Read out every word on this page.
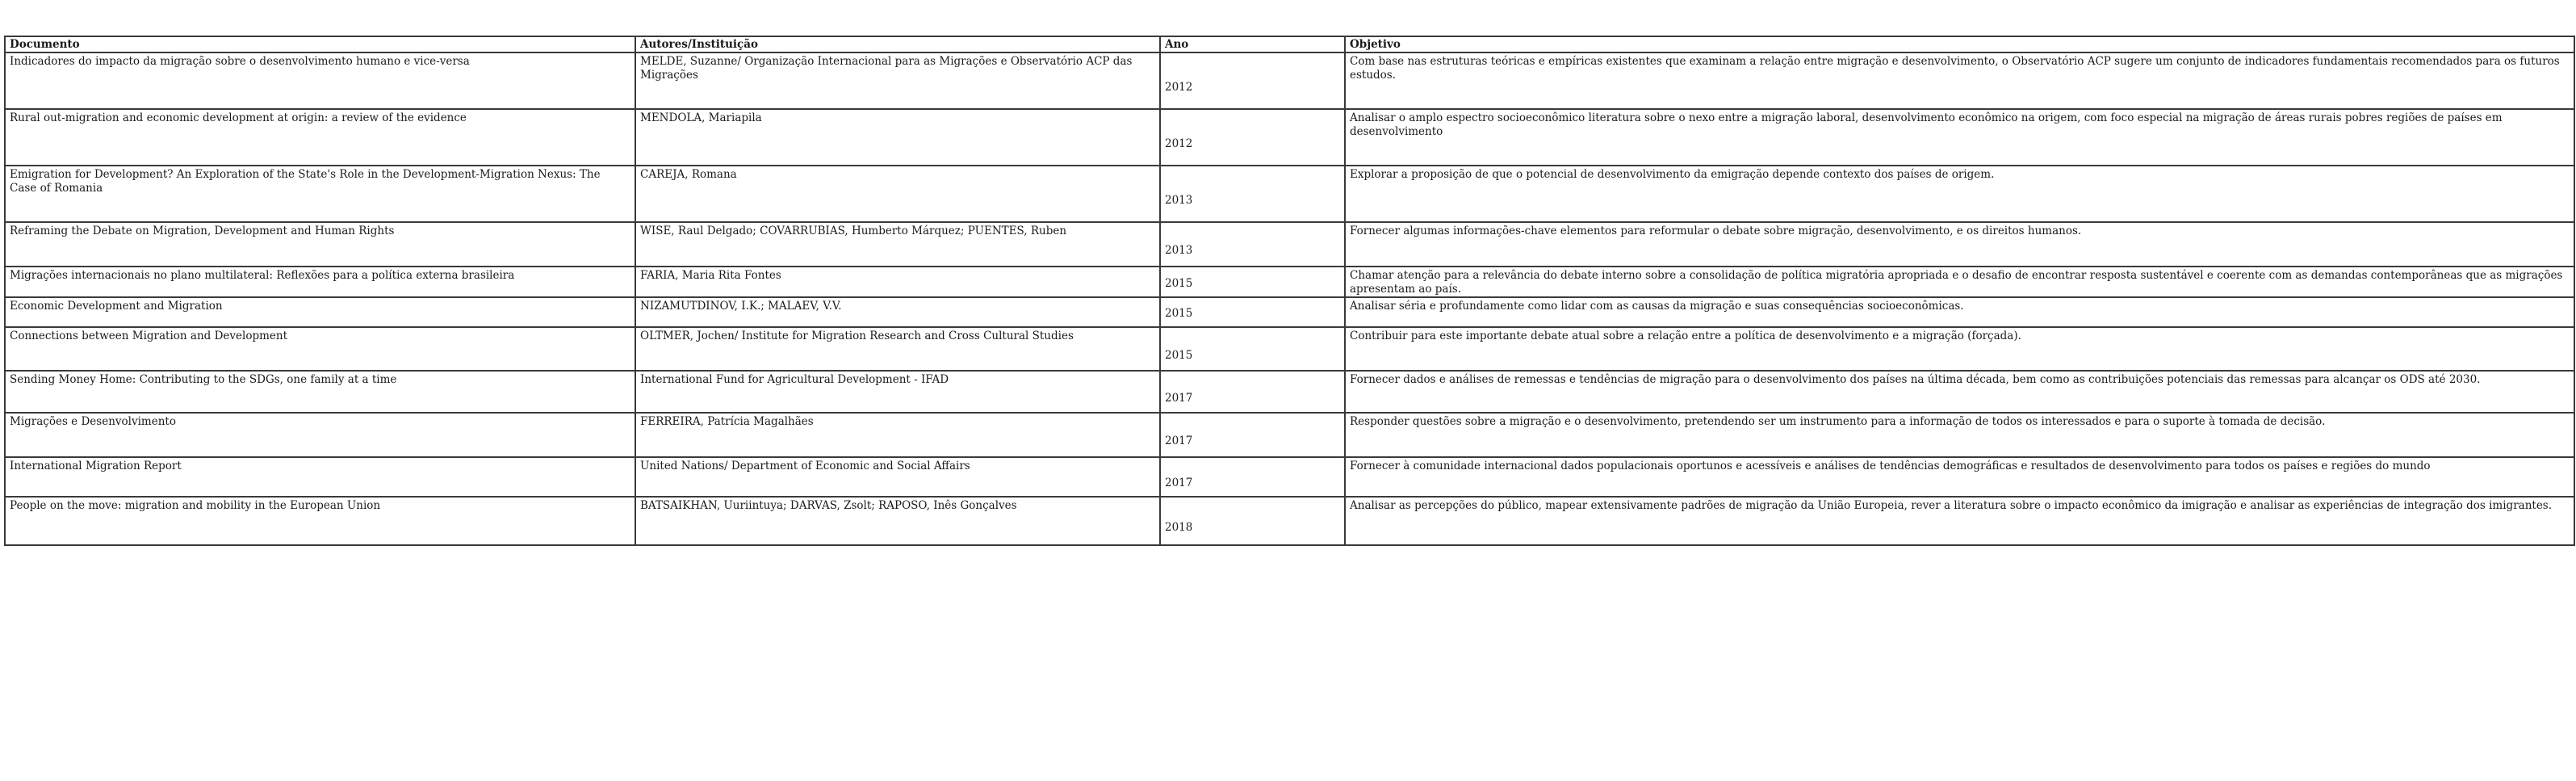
Documento	Autores/Instituição	Ano	Objetivo
Indicadores do impacto da migração sobre o desenvolvimento humano e vice-versa	MELDE, Suzanne/ Organização Internacional para as Migrações e Observatório ACP das Migrações	2012	Com base nas estruturas teóricas e empíricas existentes que examinam a relação entre migração e desenvolvimento, o Observatório ACP sugere um conjunto de indicadores fundamentais recomendados para os futuros estudos.
Rural out-migration and economic development at origin: a review of the evidence	MENDOLA, Mariapila	2012	Analisar o amplo espectro socioeconômico literatura sobre o nexo entre a migração laboral, desenvolvimento econômico na origem, com foco especial na migração de áreas rurais pobres regiões de países em desenvolvimento
Emigration for Development? An Exploration of the State's Role in the Development-Migration Nexus: The Case of Romania	CAREJA, Romana	2013	Explorar a proposição de que o potencial de desenvolvimento da emigração depende contexto dos países de origem.
Reframing the Debate on Migration, Development and Human Rights	WISE, Raul Delgado; COVARRUBIAS, Humberto Márquez; PUENTES, Ruben	2013	Fornecer algumas informações-chave elementos para reformular o debate sobre migração, desenvolvimento, e os direitos humanos.
Migrações internacionais no plano multilateral: Reflexões para a política externa brasileira	FARIA, Maria Rita Fontes	2015	Chamar atenção para a relevância do debate interno sobre a consolidação de política migratória apropriada e o desafio de encontrar resposta sustentável e coerente com as demandas contemporâneas que as migrações apresentam ao país.
Economic Development and Migration	NIZAMUTDINOV, I.K.; MALAEV, V.V.	2015	Analisar séria e profundamente como lidar com as causas da migração e suas consequências socioeconômicas.
Connections between Migration and Development	OLTMER, Jochen/ Institute for Migration Research and Cross Cultural Studies	2015	Contribuir para este importante debate atual sobre a relação entre a política de desenvolvimento e a migração (forçada).
Sending Money Home: Contributing to the SDGs, one family at a time	International Fund for Agricultural Development - IFAD	2017	Fornecer dados e análises de remessas e tendências de migração para o desenvolvimento dos países na última década, bem como as contribuições potenciais das remessas para alcançar os ODS até 2030.
Migrações e Desenvolvimento	FERREIRA, Patrícia Magalhães	2017	Responder questões sobre a migração e o desenvolvimento, pretendendo ser um instrumento para a informação de todos os interessados e para o suporte à tomada de decisão.
International Migration Report	United Nations/ Department of Economic and Social Affairs	2017	Fornecer à comunidade internacional dados populacionais oportunos e acessíveis e análises de tendências demográficas e resultados de desenvolvimento para todos os países e regiões do mundo
People on the move: migration and mobility in the European Union	BATSAIKHAN, Uuriintuya; DARVAS, Zsolt; RAPOSO, Inês Gonçalves	2018	Analisar as percepções do público, mapear extensivamente padrões de migração da União Europeia, rever a literatura sobre o impacto econômico da imigração e analisar as experiências de integração dos imigrantes.
